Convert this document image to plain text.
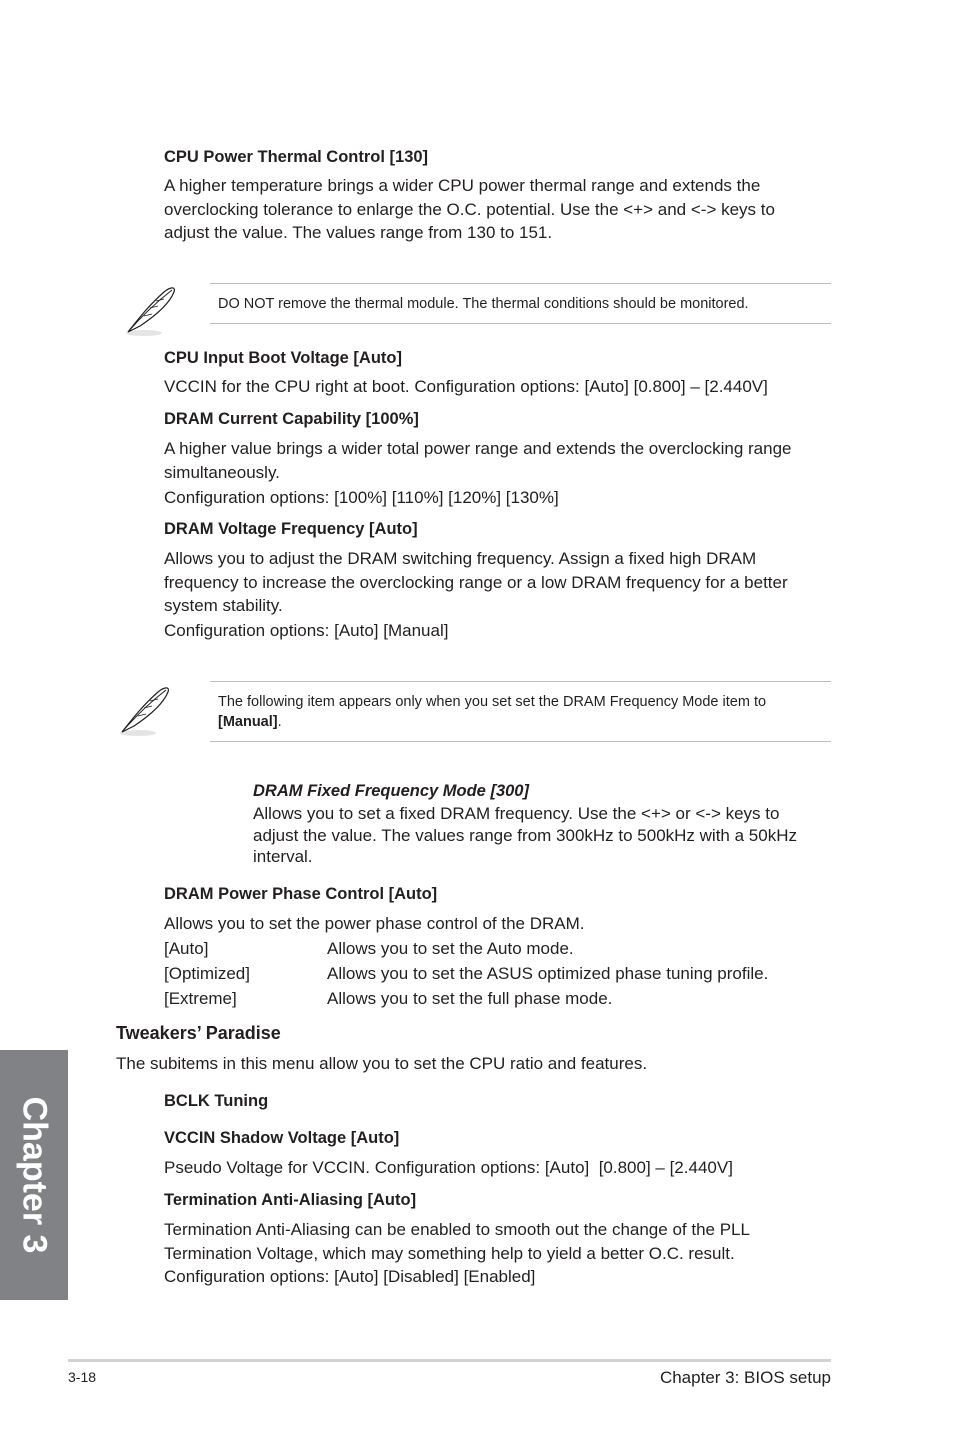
CPU Power Thermal Control [130]
A higher temperature brings a wider CPU power thermal range and extends the
overclocking tolerance to enlarge the O.C. potential. Use the <+> and <-> keys to
adjust the value. The values range from 130 to 151.
DO NOT remove the thermal module. The thermal conditions should be monitored.
CPU Input Boot Voltage [Auto]
VCCIN for the CPU right at boot. Configuration options: [Auto] [0.800] – [2.440V]
DRAM Current Capability [100%]
A higher value brings a wider total power range and extends the overclocking range
simultaneously.
Configuration options: [100%] [110%] [120%] [130%]
DRAM Voltage Frequency [Auto]
Allows you to adjust the DRAM switching frequency. Assign a fixed high DRAM
frequency to increase the overclocking range or a low DRAM frequency for a better
system stability.
Configuration options: [Auto] [Manual]
The following item appears only when you set set the DRAM Frequency Mode item to
[Manual].
DRAM Fixed Frequency Mode [300]
Allows you to set a fixed DRAM frequency. Use the <+> or <-> keys to
adjust the value. The values range from 300kHz to 500kHz with a 50kHz
interval.
DRAM Power Phase Control [Auto]
Allows you to set the power phase control of the DRAM.
[Auto]	Allows you to set the Auto mode.
[Optimized]	Allows you to set the ASUS optimized phase tuning profile.
[Extreme]	Allows you to set the full phase mode.
Tweakers’ Paradise
The subitems in this menu allow you to set the CPU ratio and features.
BCLK Tuning
VCCIN Shadow Voltage [Auto]
Pseudo Voltage for VCCIN. Configuration options: [Auto]  [0.800] – [2.440V]
Termination Anti-Aliasing [Auto]
Termination Anti-Aliasing can be enabled to smooth out the change of the PLL
Termination Voltage, which may something help to yield a better O.C. result.
Configuration options: [Auto] [Disabled] [Enabled]
Chapter 3
3-18	Chapter 3: BIOS setup
